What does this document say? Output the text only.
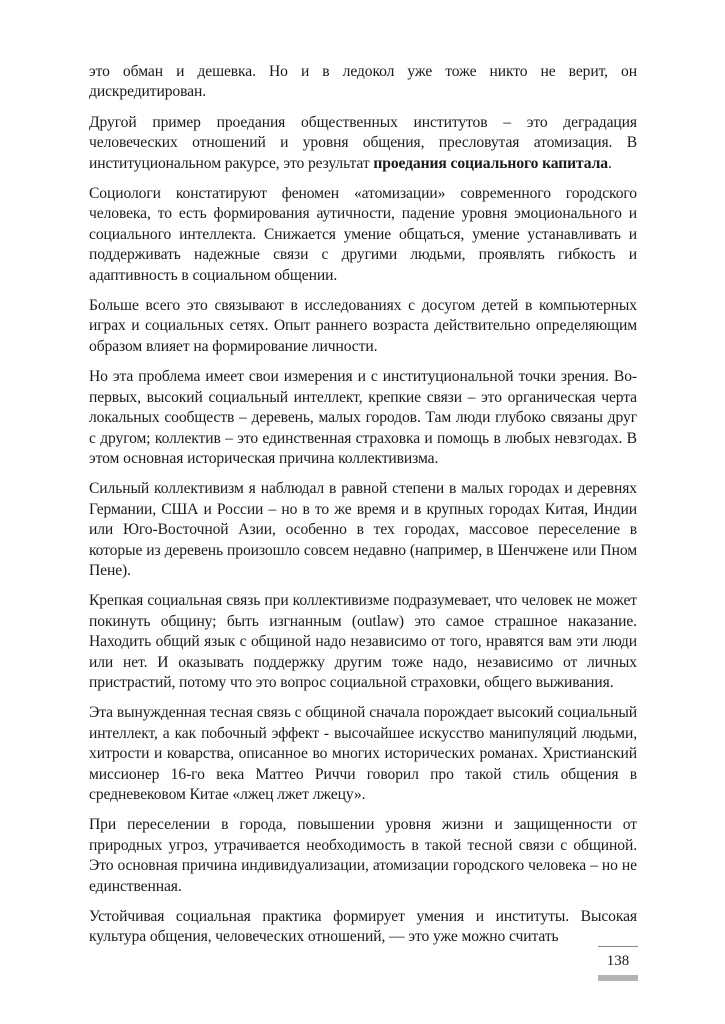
это обман и дешевка. Но и в ледокол уже тоже никто не верит, он дискредитирован.

Другой пример проедания общественных институтов – это деградация человеческих отношений и уровня общения, пресловутая атомизация. В институциональном ракурсе, это результат проедания социального капитала.

Социологи констатируют феномен «атомизации» современного городского человека, то есть формирования аутичности, падение уровня эмоционального и социального интеллекта. Снижается умение общаться, умение устанавливать и поддерживать надежные связи с другими людьми, проявлять гибкость и адаптивность в социальном общении.

Больше всего это связывают в исследованиях с досугом детей в компьютерных играх и социальных сетях. Опыт раннего возраста действительно определяющим образом влияет на формирование личности.

Но эта проблема имеет свои измерения и с институциональной точки зрения. Во-первых, высокий социальный интеллект, крепкие связи – это органическая черта локальных сообществ – деревень, малых городов. Там люди глубоко связаны друг с другом; коллектив – это единственная страховка и помощь в любых невзгодах. В этом основная историческая причина коллективизма.

Сильный коллективизм я наблюдал в равной степени в малых городах и деревнях Германии, США и России – но в то же время и в крупных городах Китая, Индии или Юго-Восточной Азии, особенно в тех городах, массовое переселение в которые из деревень произошло совсем недавно (например, в Шенчжене или Пном Пене).

Крепкая социальная связь при коллективизме подразумевает, что человек не может покинуть общину; быть изгнанным (outlaw) это самое страшное наказание. Находить общий язык с общиной надо независимо от того, нравятся вам эти люди или нет. И оказывать поддержку другим тоже надо, независимо от личных пристрастий, потому что это вопрос социальной страховки, общего выживания.

Эта вынужденная тесная связь с общиной сначала порождает высокий социальный интеллект, а как побочный эффект - высочайшее искусство манипуляций людьми, хитрости и коварства, описанное во многих исторических романах. Христианский миссионер 16-го века Маттео Риччи говорил про такой стиль общения в средневековом Китае «лжец лжет лжецу».

При переселении в города, повышении уровня жизни и защищенности от природных угроз, утрачивается необходимость в такой тесной связи с общиной. Это основная причина индивидуализации, атомизации городского человека – но не единственная.

Устойчивая социальная практика формирует умения и институты. Высокая культура общения, человеческих отношений, — это уже можно считать

138
